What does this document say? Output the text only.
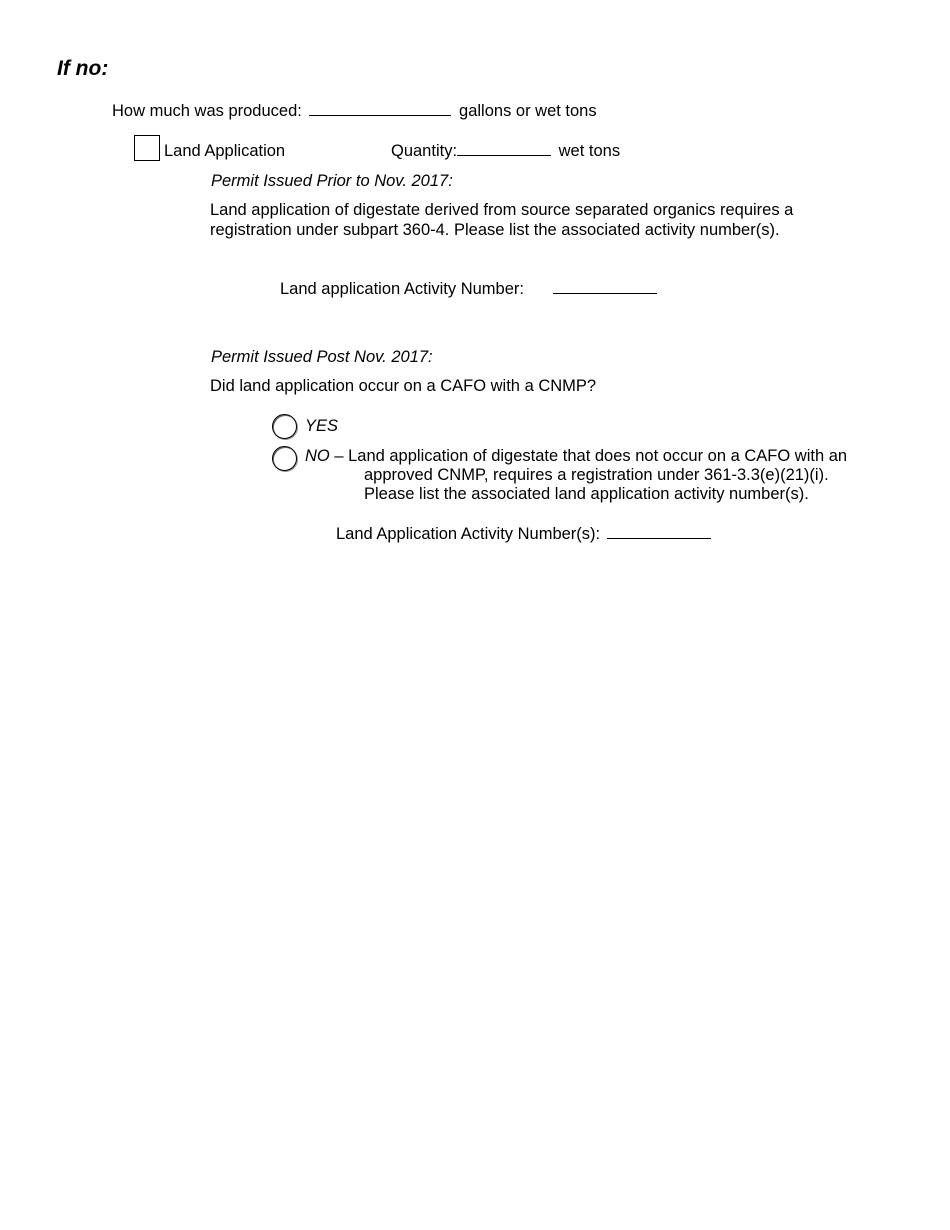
If no:
How much was produced:	gallons or wet tons
Land Application	Quantity:	wet tons
Permit Issued Prior to Nov. 2017:
Land application of digestate derived from source separated organics requires a
registration under subpart 360-4. Please list the associated activity number(s).
Land application Activity Number:
Permit Issued Post Nov. 2017:
Did land application occur on a CAFO with a CNMP?
YES
NO – Land application of digestate that does not occur on a CAFO with an
approved CNMP, requires a registration under 361-3.3(e)(21)(i).
Please list the associated land application activity number(s).
Land Application Activity Number(s):
